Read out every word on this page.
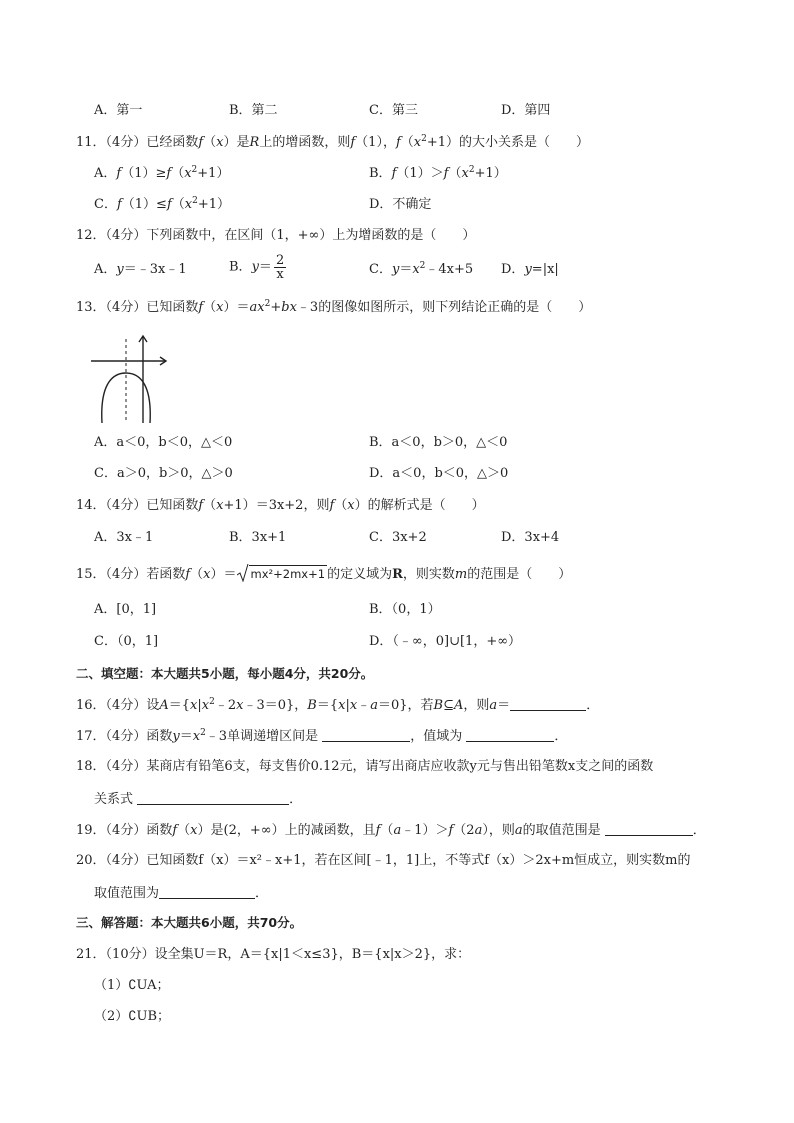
A．第一	B．第二	C．第三	D．第四
11．（4分）已经函数f（x）是R上的增函数，则f（1），$f(x^2+1)$的大小关系是（　　）
A．$f(1)\ge f(x^2+1)$	B．$f(1)>f(x^2+1)$
C．$f(1)\le f(x^2+1)$	D．不确定
12．（4分）下列函数中，在区间（1，+∞）上为增函数的是（　　）
A．y＝﹣3x﹣1	B．$y= \frac{2}{x}$	C．$y=x^2﹣4x+5$ D．y=|x|
13．（4分）已知函数$f(x)=ax^2+bx﹣3$的图像如图所示，则下列结论正确的是（　　）
A．a＜0，b＜0，△＜0	B．a＜0，b＞0，△＜0
C．a＞0，b＞0，△＞0	D．a＜0，b＜0，△＞0
14．（4分）已知函数f（x+1）＝3x+2，则f（x）的解析式是（　　）
A．3x﹣1	B．3x+1	C．3x+2	D．3x+4
15．（4分）若函数f（x）＝ mx²+2mx+1 的定义域为R，则实数m的范围是（　　）
A．[0，1]	B．（0，1）
C．（0，1]	D．（﹣∞，0]∪[1，+∞）
二、填空题：本大题共5小题，每小题4分，共20分。
16．（4分）设$A=\{x|x^2﹣2x﹣3=0\}$，B＝{x|x﹣a＝0}，若B⊆A，则a＝	．
17．（4分）函数$y=x^2﹣3$单调递增区间是	，值域为	．
18．（4分）某商店有铅笔6支，每支售价0.12元，请写出商店应收款y元与售出铅笔数x支之间的函数
关系式	．
19．（4分）函数f（x）是(2，+∞）上的减函数，且f（a﹣1）＞f（2a），则a的取值范围是	．
20．（4分）已知函数f（x）＝x²﹣x+1，若在区间[﹣1，1]上，不等式f（x）＞2x+m恒成立，则实数m的
取值范围为	．
三、解答题：本大题共6小题，共70分。
21．（10分）设全集U＝R，A＝{x|1＜x≤3}，B＝{x|x＞2}，求：
（1）∁UA；
（2）∁UB；
